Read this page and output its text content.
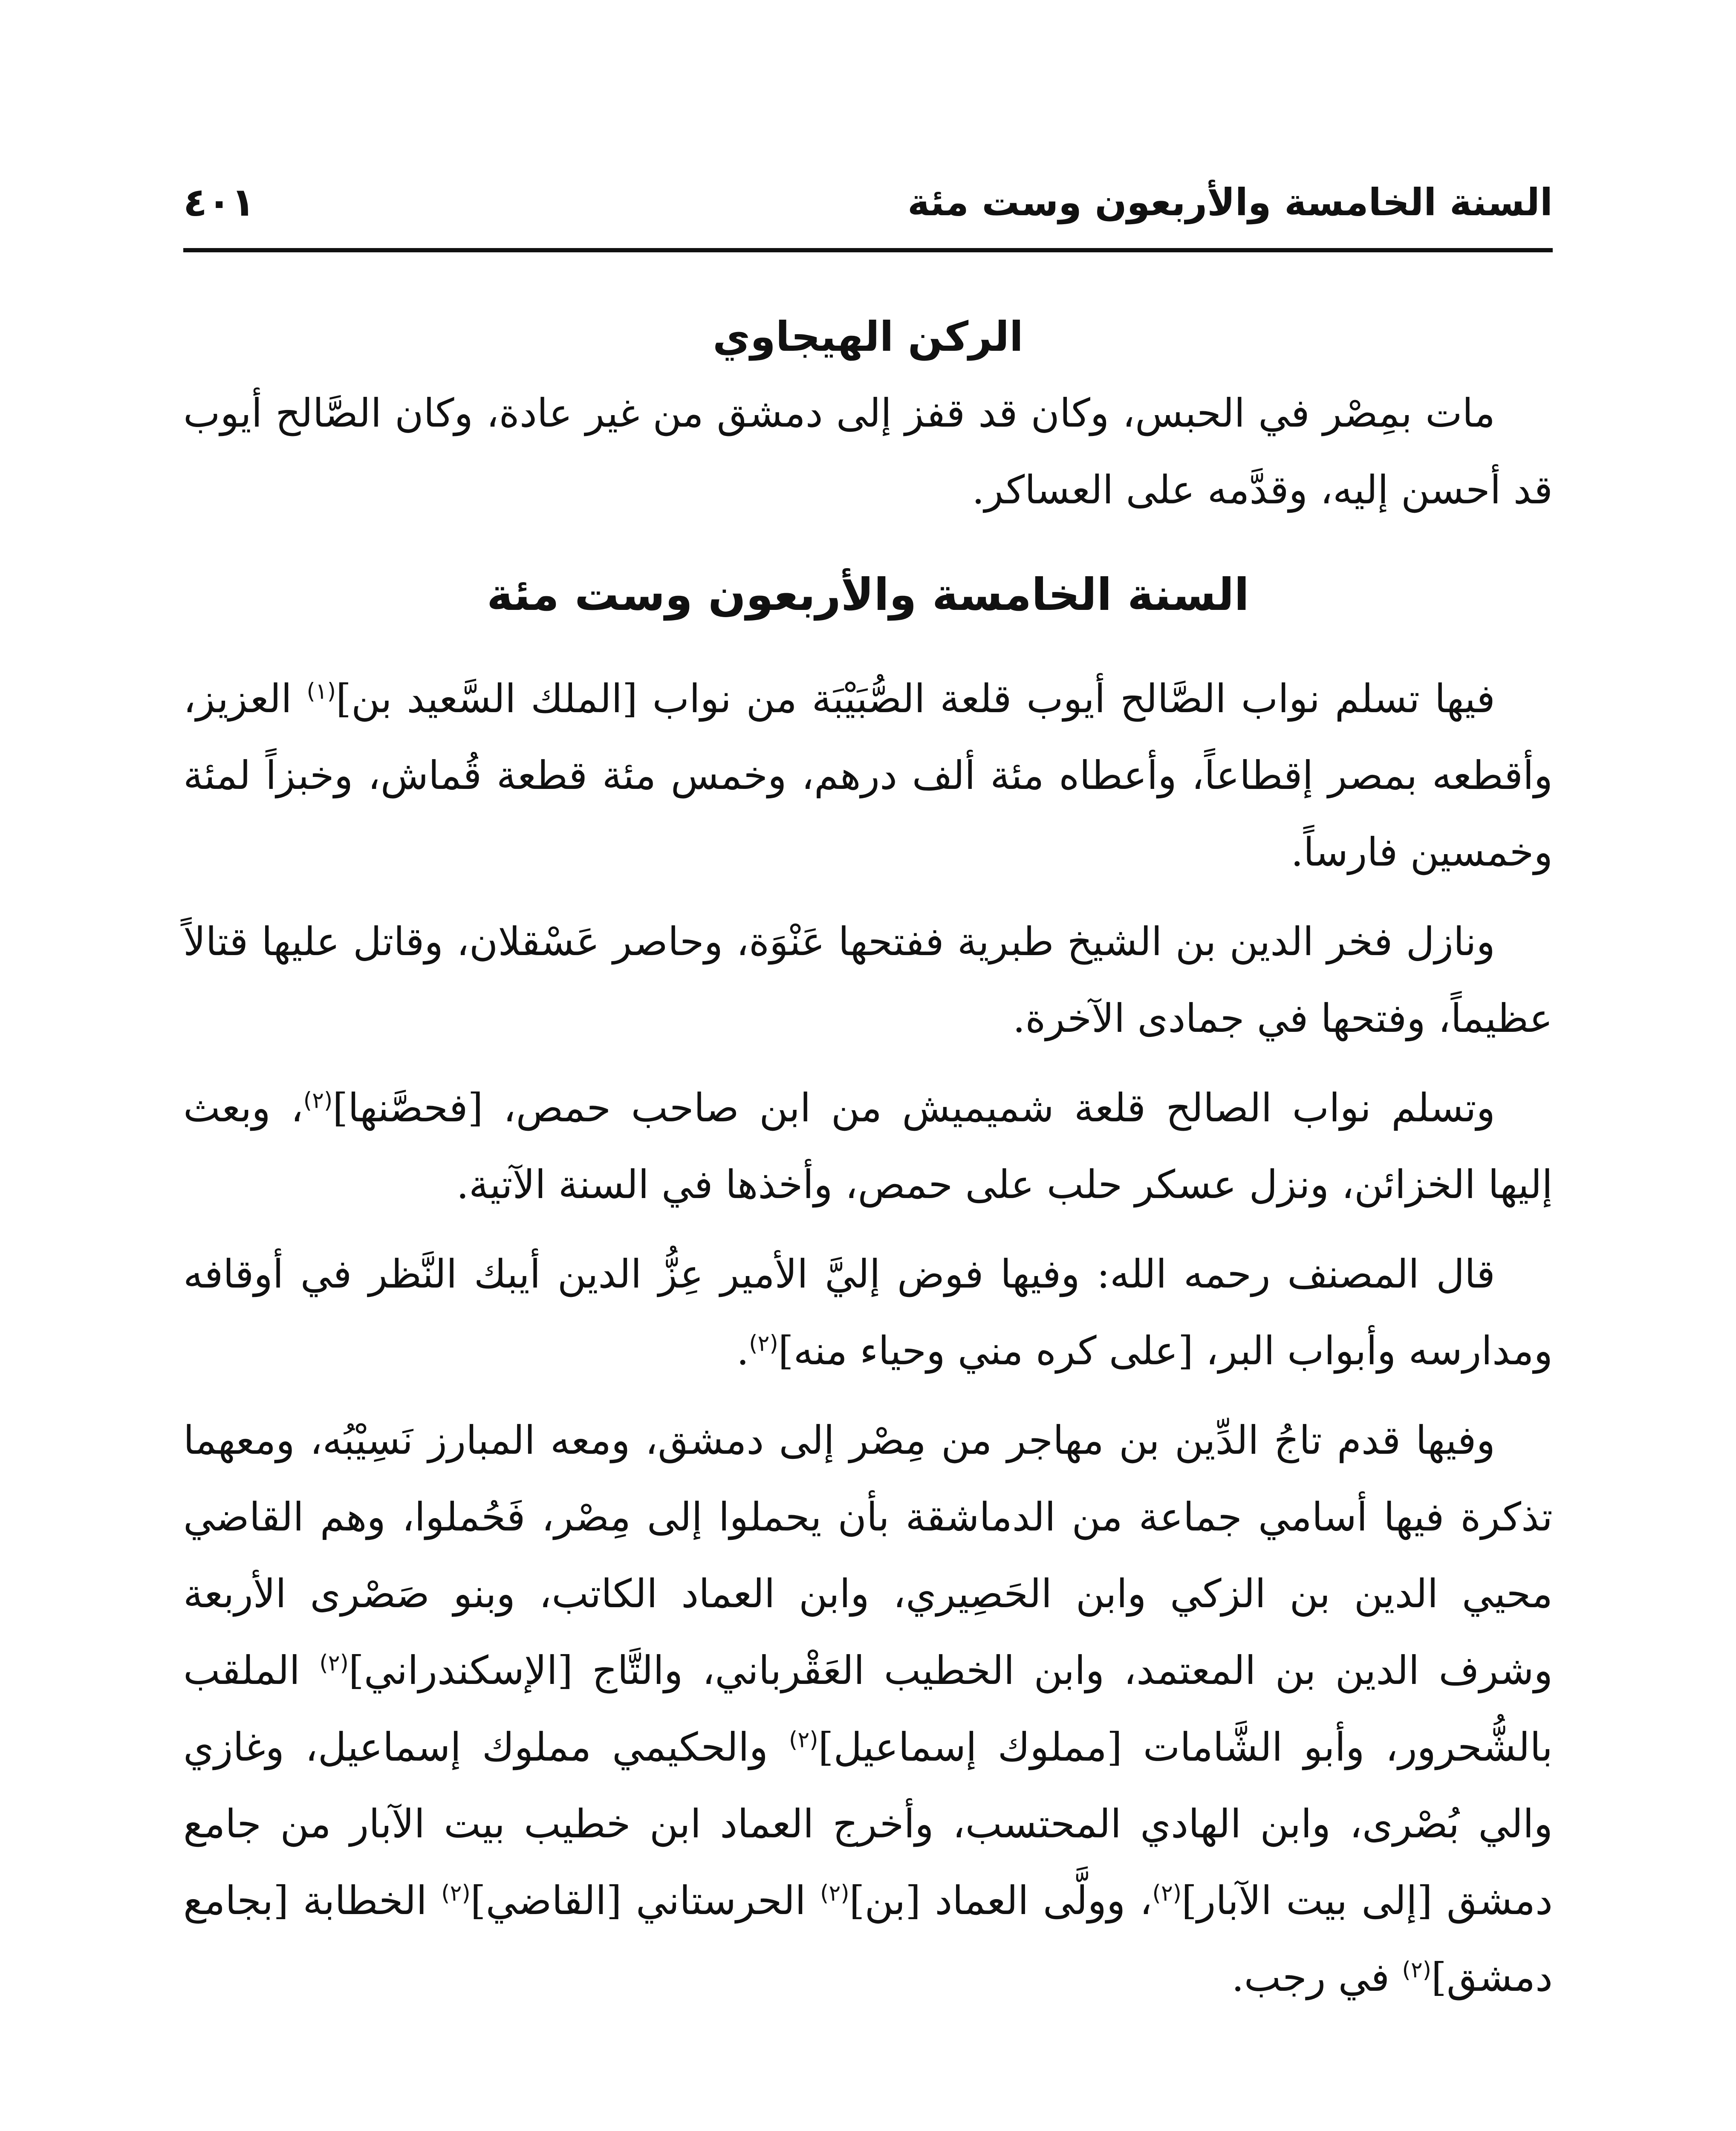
السنة الخامسة والأربعون وست مئة
٤٠١
الركن الهيجاوي

مات بمِصْر في الحبس، وكان قد قفز إلى دمشق من غير عادة، وكان الصَّالح أيوب قد أحسن إليه، وقدَّمه على العساكر.

السنة الخامسة والأربعون وست مئة

فيها تسلم نواب الصَّالح أيوب قلعة الصُّبَيْبَة من نواب [الملك السَّعيد بن]$^{(١)}$ العزيز، وأقطعه بمصر إقطاعاً، وأعطاه مئة ألف درهم، وخمس مئة قطعة قُماش، وخبزاً لمئة وخمسين فارساً.

ونازل فخر الدين بن الشيخ طبرية ففتحها عَنْوَة، وحاصر عَسْقلان، وقاتل عليها قتالاً عظيماً، وفتحها في جمادى الآخرة.

وتسلم نواب الصالح قلعة شميميش من ابن صاحب حمص، [فحصَّنها]$^{(٢)}$، وبعث إليها الخزائن، ونزل عسكر حلب على حمص، وأخذها في السنة الآتية.

قال المصنف رحمه الله: وفيها فوض إليَّ الأمير عِزُّ الدين أيبك النَّظر في أوقافه ومدارسه وأبواب البر، [على كره مني وحياء منه]$^{(٢)}$.

وفيها قدم تاجُ الدِّين بن مهاجر من مِصْر إلى دمشق، ومعه المبارز نَسِيْبُه، ومعهما تذكرة فيها أسامي جماعة من الدماشقة بأن يحملوا إلى مِصْر، فَحُملوا، وهم القاضي محيي الدين بن الزكي وابن الحَصِيري، وابن العماد الكاتب، وبنو صَصْرى الأربعة وشرف الدين بن المعتمد، وابن الخطيب العَقْرباني، والتَّاج [الإسكندراني]$^{(٢)}$ الملقب بالشُّحرور، وأبو الشَّامات [مملوك إسماعيل]$^{(٢)}$ والحكيمي مملوك إسماعيل، وغازي والي بُصْرى، وابن الهادي المحتسب، وأخرج العماد ابن خطيب بيت الآبار من جامع دمشق [إلى بيت الآبار]$^{(٢)}$، وولَّى العماد [بن]$^{(٢)}$ الحرستاني [القاضي]$^{(٢)}$ الخطابة [بجامع دمشق]$^{(٢)}$ في رجب.
